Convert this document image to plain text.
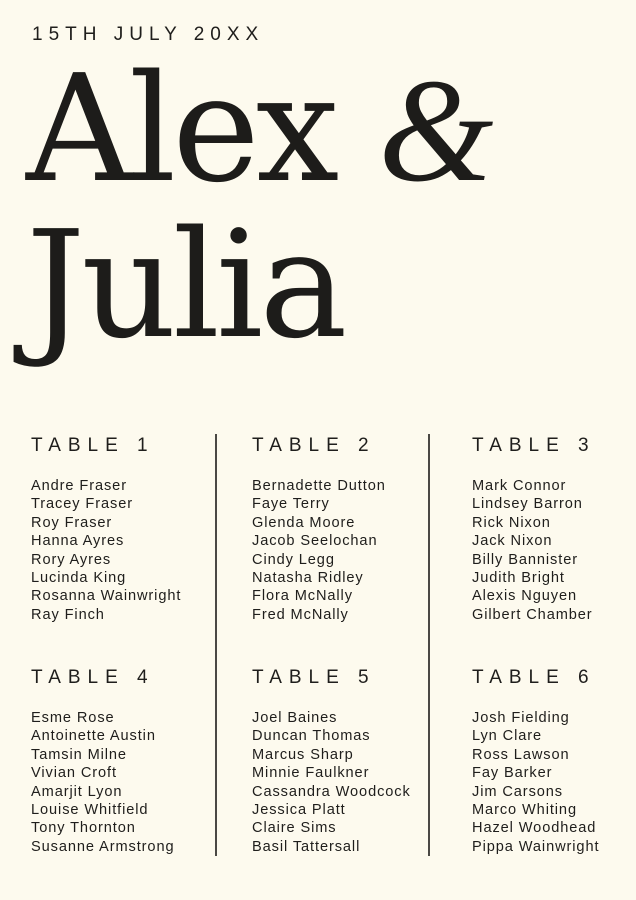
15TH JULY 20XX
Alex &
Julia
TABLE 1
Andre Fraser
Tracey Fraser
Roy Fraser
Hanna Ayres
Rory Ayres
Lucinda King
Rosanna Wainwright
Ray Finch
TABLE 2
Bernadette Dutton
Faye Terry
Glenda Moore
Jacob Seelochan
Cindy Legg
Natasha Ridley
Flora McNally
Fred McNally
TABLE 3
Mark Connor
Lindsey Barron
Rick Nixon
Jack Nixon
Billy Bannister
Judith Bright
Alexis Nguyen
Gilbert Chamber
TABLE 4
Esme Rose
Antoinette Austin
Tamsin Milne
Vivian Croft
Amarjit Lyon
Louise Whitfield
Tony Thornton
Susanne Armstrong
TABLE 5
Joel Baines
Duncan Thomas
Marcus Sharp
Minnie Faulkner
Cassandra Woodcock
Jessica Platt
Claire Sims
Basil Tattersall
TABLE 6
Josh Fielding
Lyn Clare
Ross Lawson
Fay Barker
Jim Carsons
Marco Whiting
Hazel Woodhead
Pippa Wainwright
